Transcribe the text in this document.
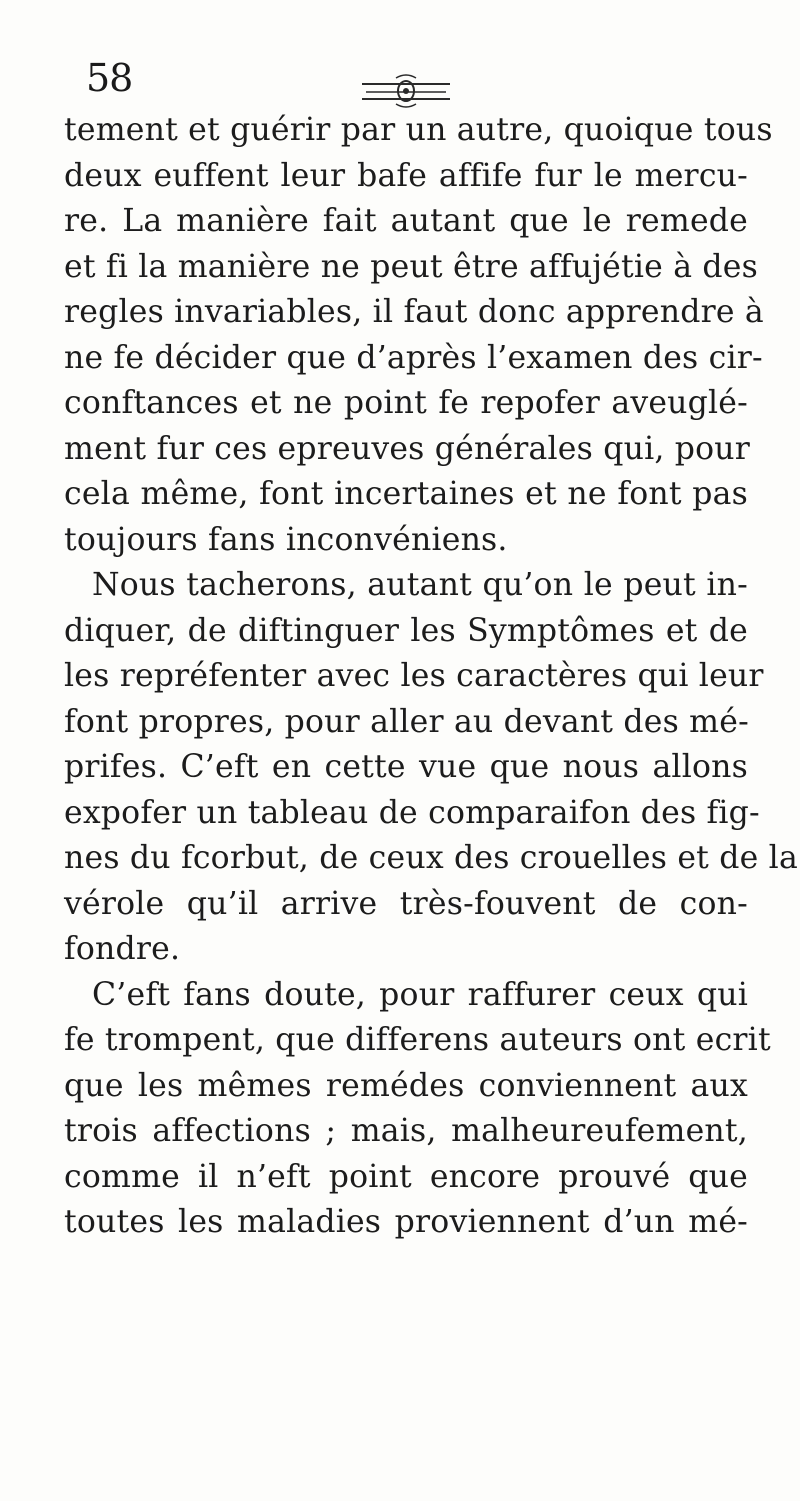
58
tement et guérir par un autre, quoique tous
deux euffent leur bafe affife fur le mercu-
re. La manière fait autant que le remede
et fi la manière ne peut être affujétie à des
regles invariables, il faut donc apprendre à
ne fe décider que d’après l’examen des cir-
conftances et ne point fe repofer aveuglé-
ment fur ces epreuves générales qui, pour
cela même, font incertaines et ne font pas
toujours fans inconvéniens.
Nous tacherons, autant qu’on le peut in-
diquer, de diftinguer les Symptômes et de
les repréfenter avec les caractères qui leur
font propres, pour aller au devant des mé-
prifes. C’eft en cette vue que nous allons
expofer un tableau de comparaifon des fig-
nes du fcorbut, de ceux des crouelles et de la
vérole qu’il arrive très-fouvent de con-
fondre.
C’eft fans doute, pour raffurer ceux qui
fe trompent, que differens auteurs ont ecrit
que les mêmes remédes conviennent aux
trois affections ; mais, malheureufement,
comme il n’eft point encore prouvé que
toutes les maladies proviennent d’un mé-
